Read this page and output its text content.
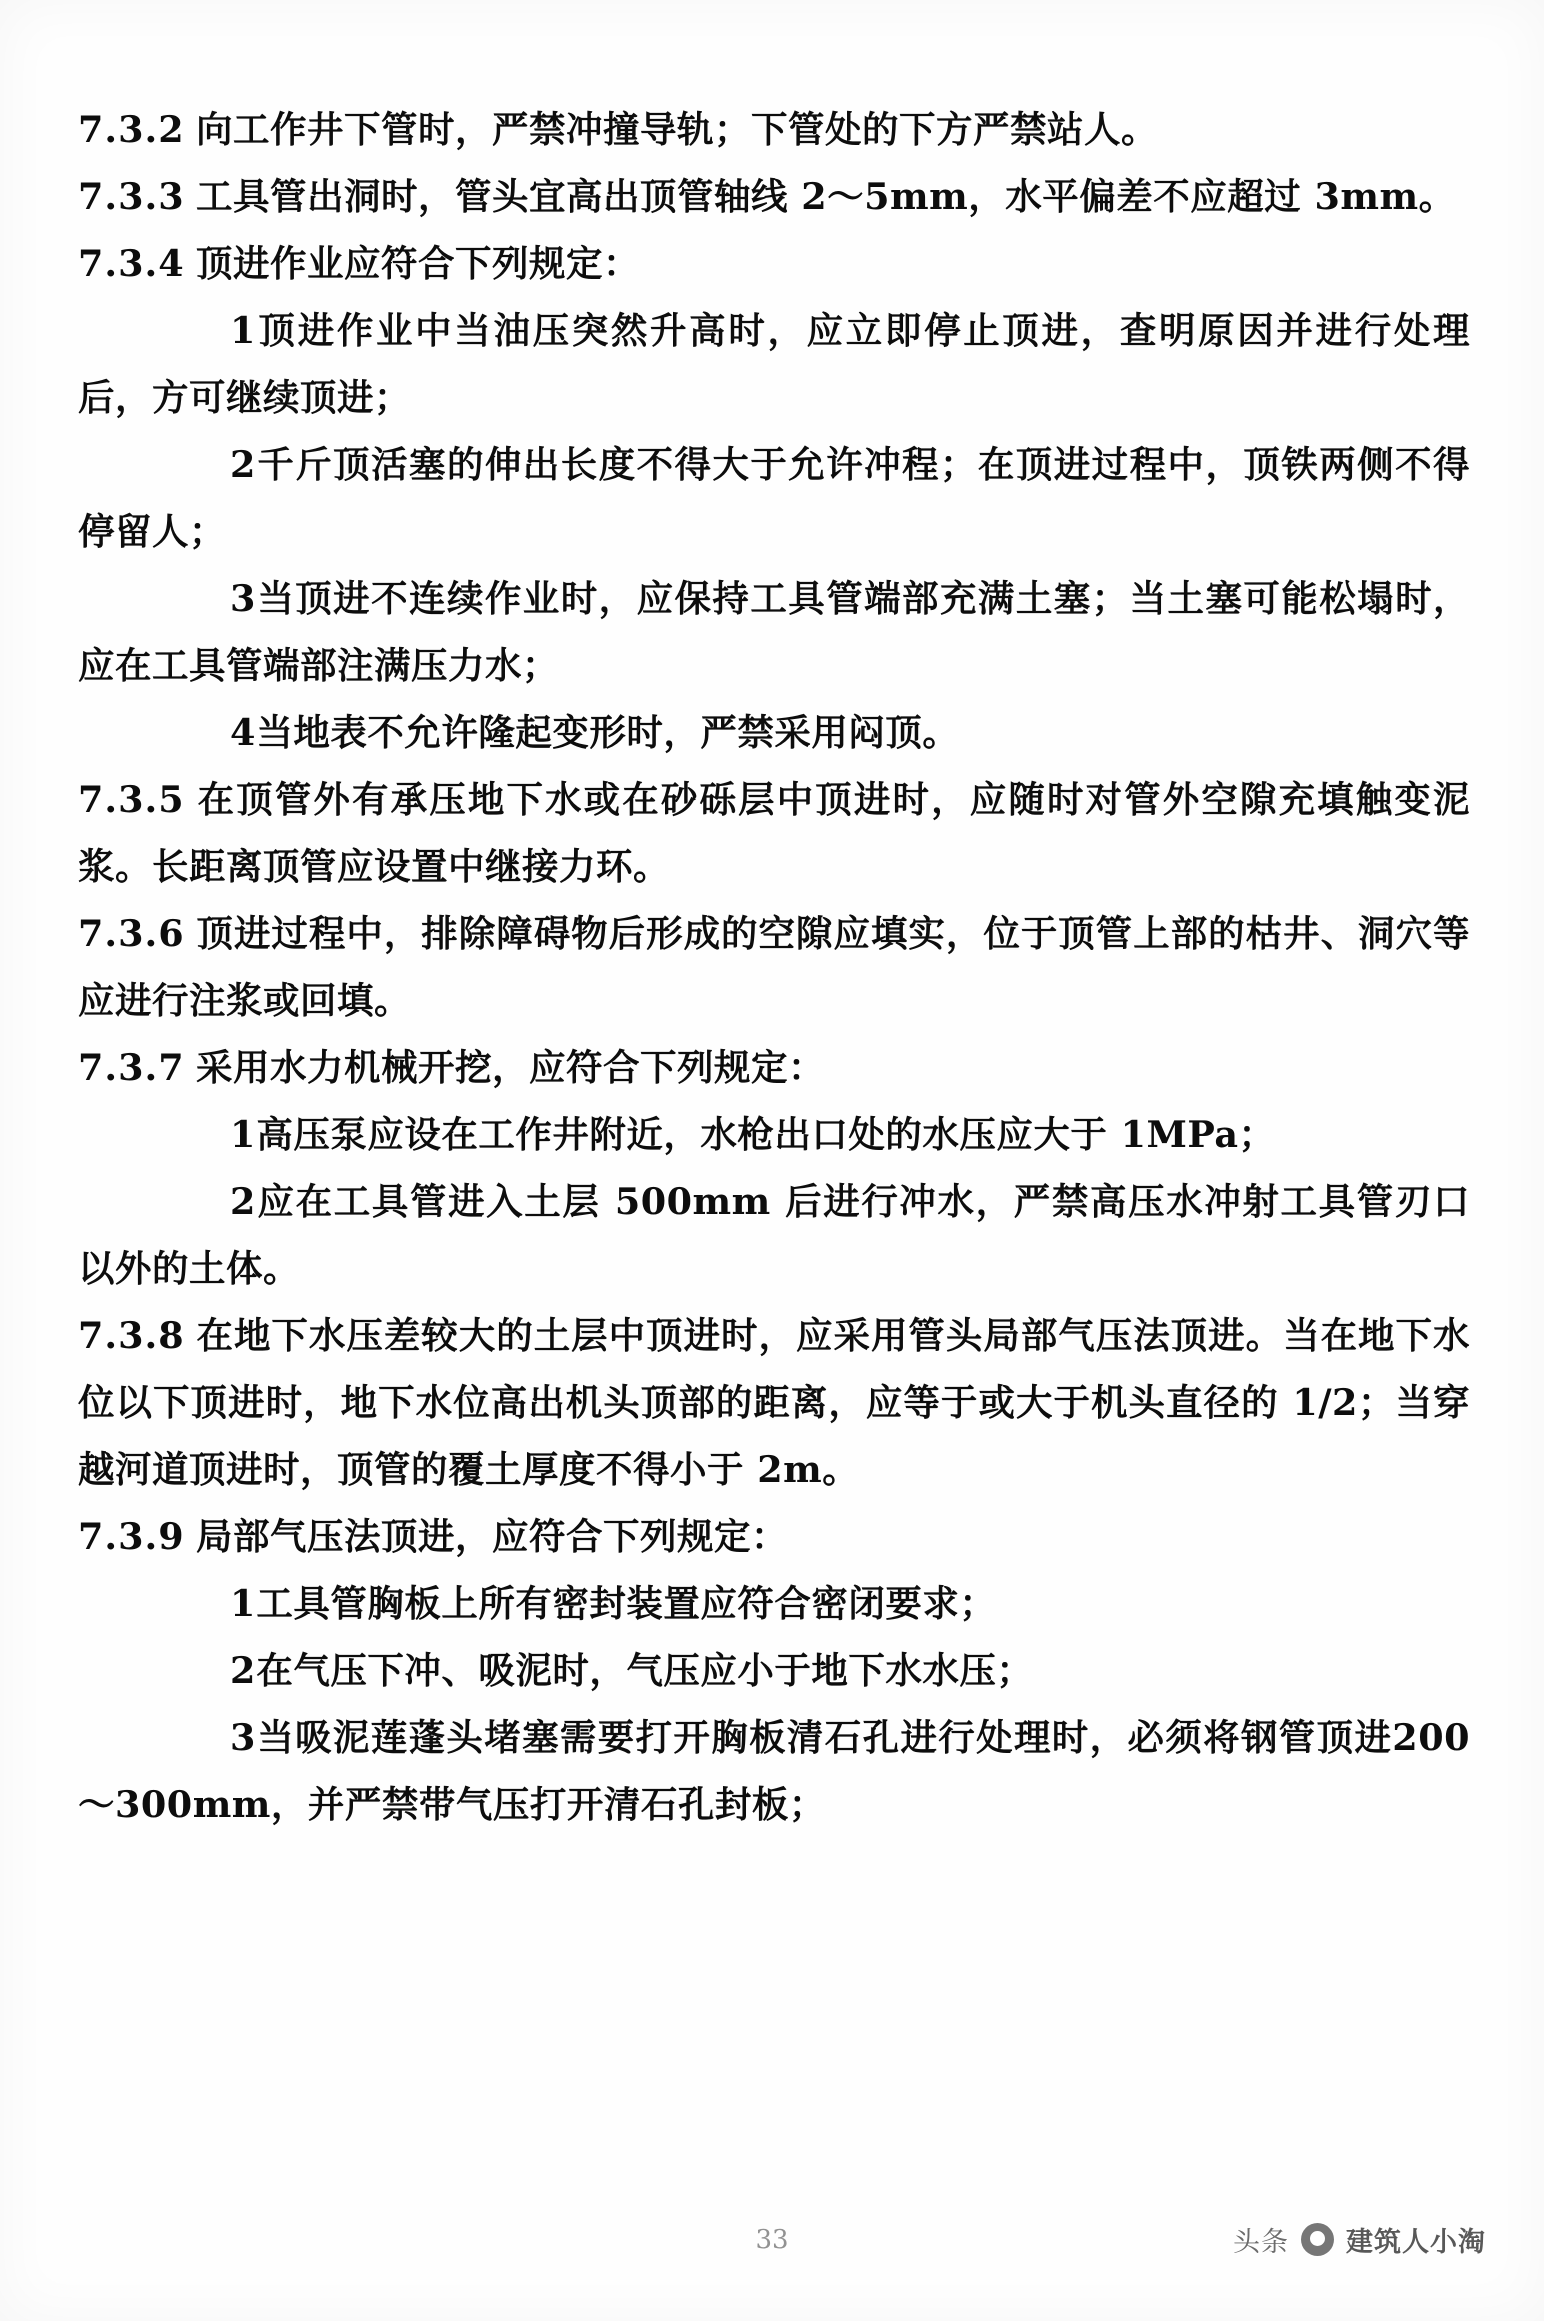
7.3.2 向工作井下管时，严禁冲撞导轨；下管处的下方严禁站人。
7.3.3 工具管出洞时，管头宜高出顶管轴线 2～5mm，水平偏差不应超过 3mm。
7.3.4 顶进作业应符合下列规定：
1顶进作业中当油压突然升高时，应立即停止顶进，查明原因并进行处理后，方可继续顶进；
2千斤顶活塞的伸出长度不得大于允许冲程；在顶进过程中，顶铁两侧不得停留人；
3当顶进不连续作业时，应保持工具管端部充满土塞；当土塞可能松塌时，应在工具管端部注满压力水；
4当地表不允许隆起变形时，严禁采用闷顶。
7.3.5 在顶管外有承压地下水或在砂砾层中顶进时，应随时对管外空隙充填触变泥浆。长距离顶管应设置中继接力环。
7.3.6 顶进过程中，排除障碍物后形成的空隙应填实，位于顶管上部的枯井、洞穴等应进行注浆或回填。
7.3.7 采用水力机械开挖，应符合下列规定：
1高压泵应设在工作井附近，水枪出口处的水压应大于 1MPa；
2应在工具管进入土层 500mm 后进行冲水，严禁高压水冲射工具管刃口以外的土体。
7.3.8 在地下水压差较大的土层中顶进时，应采用管头局部气压法顶进。当在地下水位以下顶进时，地下水位高出机头顶部的距离，应等于或大于机头直径的 1/2；当穿越河道顶进时，顶管的覆土厚度不得小于 2m。
7.3.9 局部气压法顶进，应符合下列规定：
1工具管胸板上所有密封装置应符合密闭要求；
2在气压下冲、吸泥时，气压应小于地下水水压；
3当吸泥莲蓬头堵塞需要打开胸板清石孔进行处理时，必须将钢管顶进200～300mm，并严禁带气压打开清石孔封板；
33	头条 建筑人小淘
